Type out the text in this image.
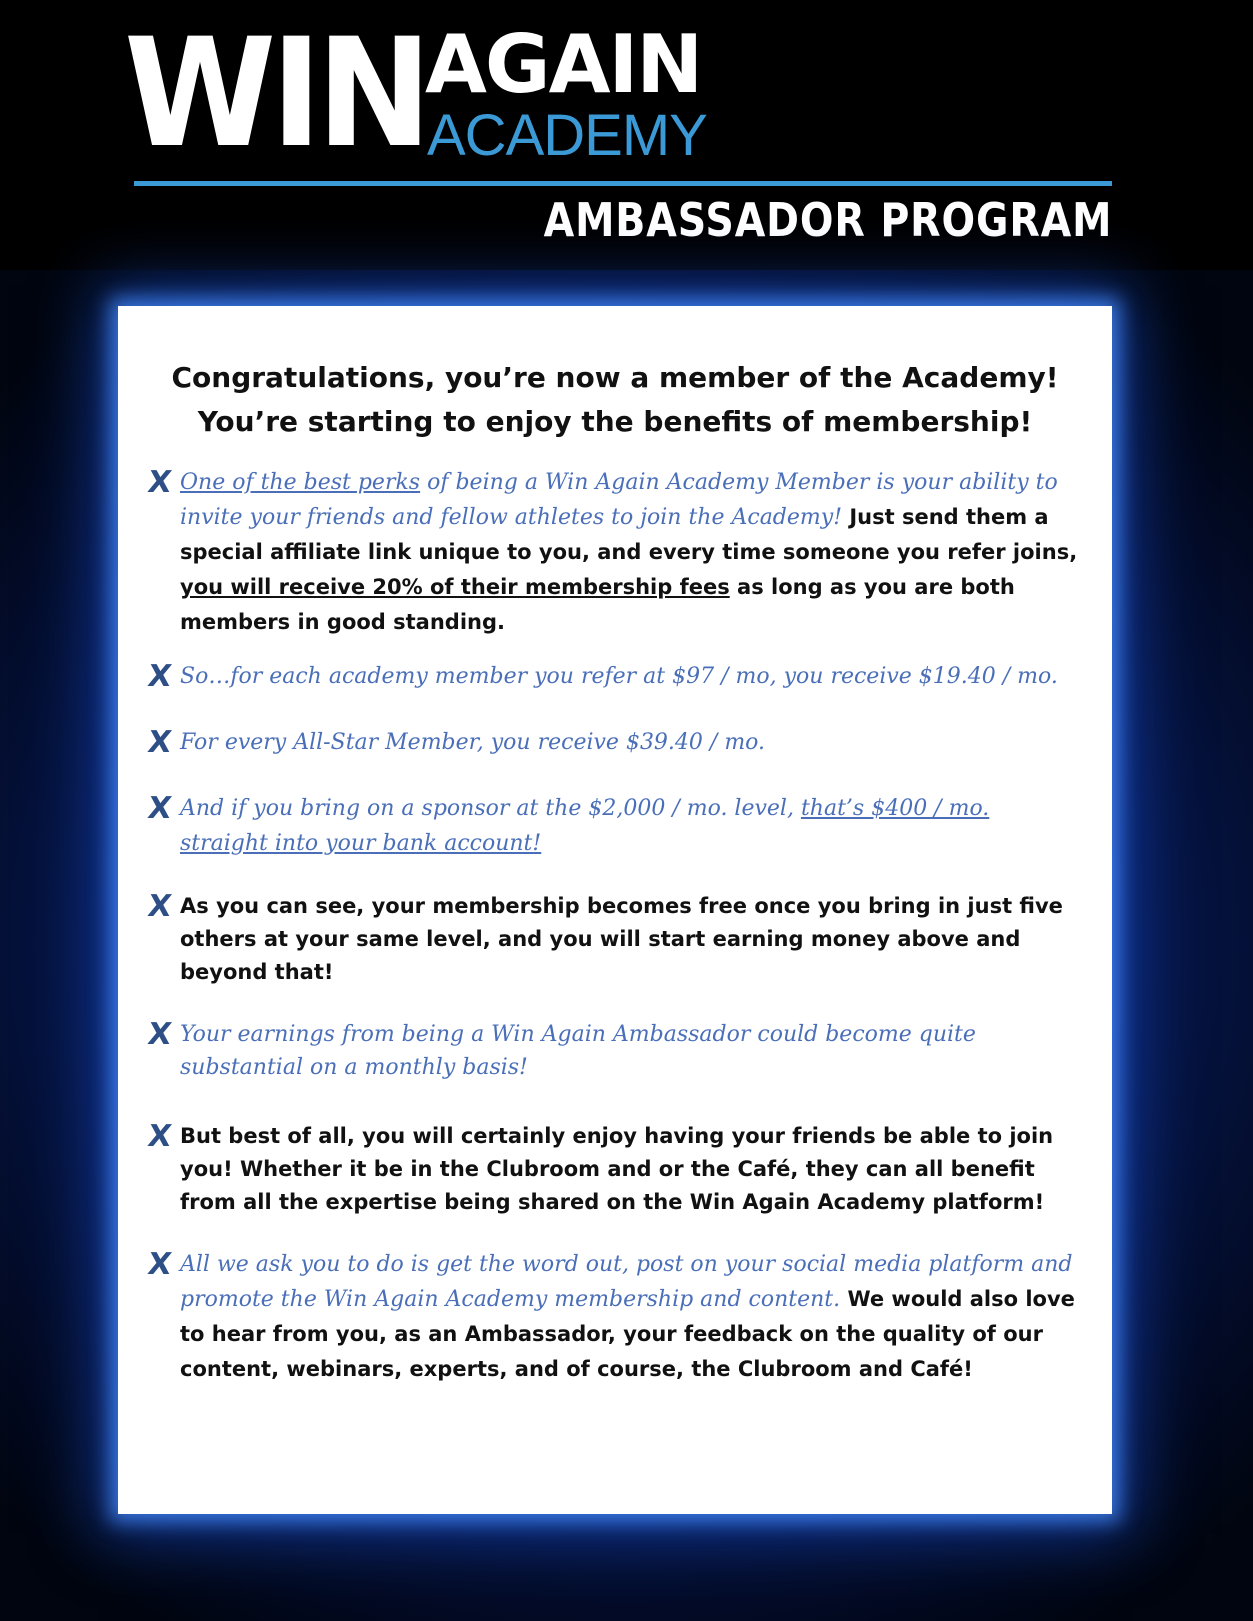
WIN
AGAIN
ACADEMY
AMBASSADOR PROGRAM
Congratulations, you’re now a member of the Academy!
You’re starting to enjoy the benefits of membership!
X One of the best perks of being a Win Again Academy Member is your ability to invite your friends and fellow athletes to join the Academy! Just send them a special affiliate link unique to you, and every time someone you refer joins, you will receive 20% of their membership fees as long as you are both members in good standing.
X So…for each academy member you refer at $97 / mo, you receive $19.40 / mo.
X For every All-Star Member, you receive $39.40 / mo.
X And if you bring on a sponsor at the $2,000 / mo. level, that’s $400 / mo. straight into your bank account!
X As you can see, your membership becomes free once you bring in just five others at your same level, and you will start earning money above and beyond that!
X Your earnings from being a Win Again Ambassador could become quite substantial on a monthly basis!
X But best of all, you will certainly enjoy having your friends be able to join you! Whether it be in the Clubroom and or the Café, they can all benefit from all the expertise being shared on the Win Again Academy platform!
X All we ask you to do is get the word out, post on your social media platform and promote the Win Again Academy membership and content. We would also love to hear from you, as an Ambassador, your feedback on the quality of our content, webinars, experts, and of course, the Clubroom and Café!
